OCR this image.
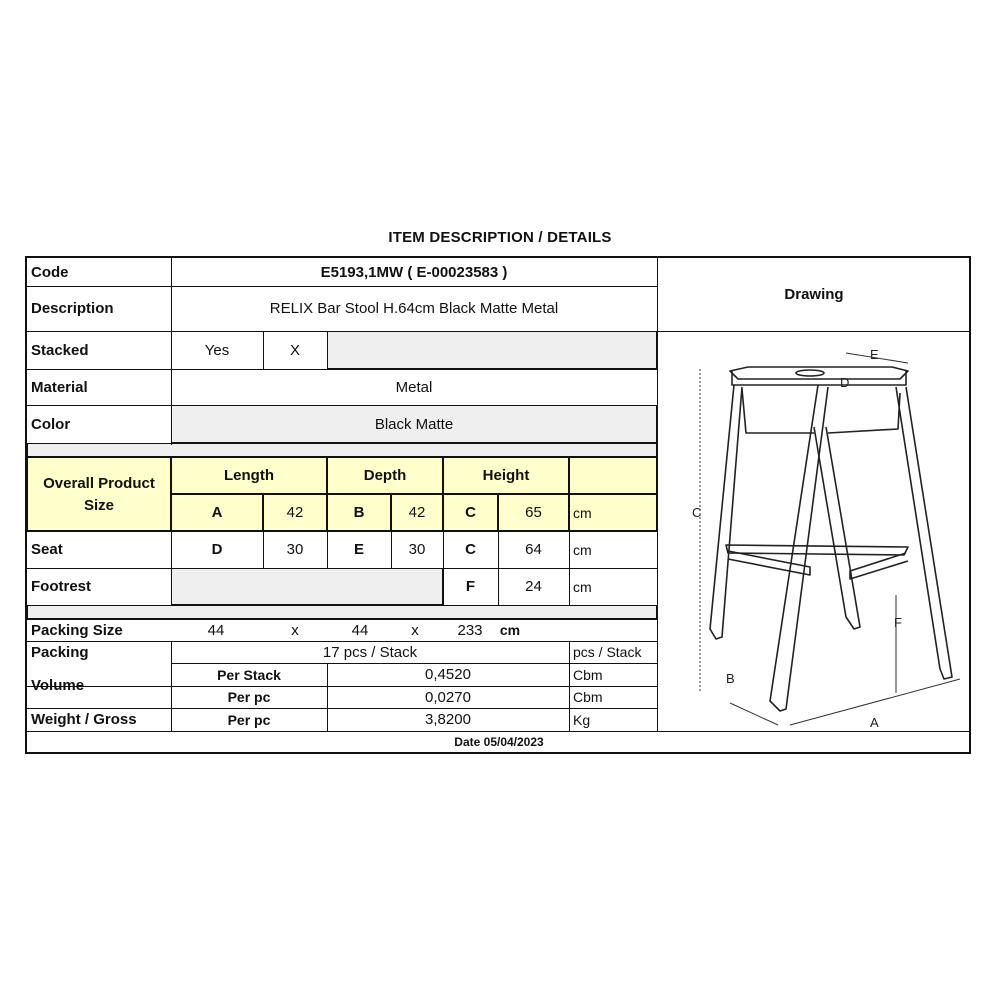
ITEM DESCRIPTION / DETAILS
Code	E5193,1MW ( E-00023583 )
Description	RELIX Bar Stool H.64cm Black Matte Metal
Drawing
Stacked	Yes	X
Material	Metal
Color	Black Matte
Overall Product
Size
Length	Depth	Height
A	42	B	42	C	65	cm
Seat	D	30	E	30	C	64	cm
Footrest	F	24	cm
Packing Size	44	x	44	x	233	cm
Packing	17 pcs / Stack	pcs / Stack
Volume
Per Stack	0,4520	Cbm
Per pc	0,0270	Cbm
Weight / Gross	Per pc	3,8200	Kg
Date 05/04/2023
E
D
C
F
B
A
